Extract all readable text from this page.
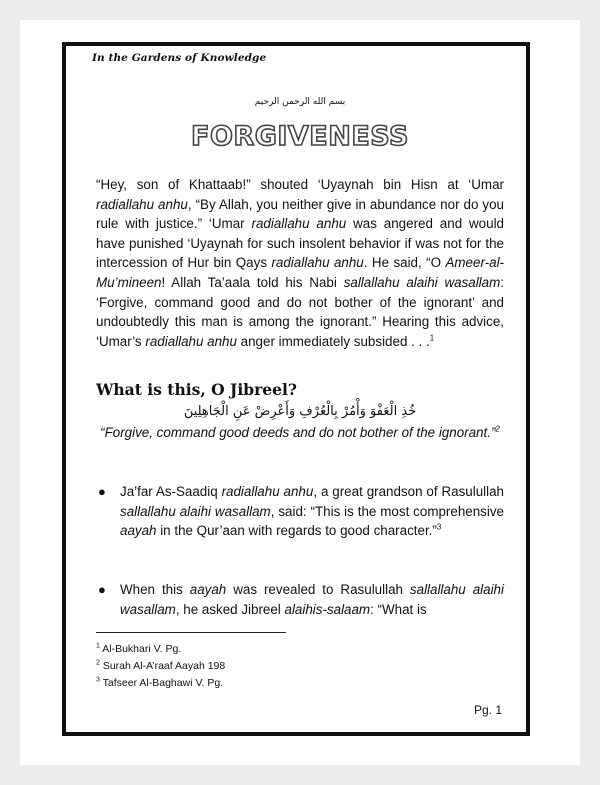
In the Gardens of Knowledge
بسم الله الرحمن الرحيم
FORGIVENESS

“Hey, son of Khattaab!” shouted ‘Uyaynah bin Hisn at ‘Umar radiallahu anhu, “By Allah, you neither give in abundance nor do you rule with justice.” ‘Umar radiallahu anhu was angered and would have punished ‘Uyaynah for such insolent behavior if was not for the intercession of Hur bin Qays radiallahu anhu. He said, “O Ameer-al-Mu’mineen! Allah Ta’aala told his Nabi sallallahu alaihi wasallam: ‘Forgive, command good and do not bother of the ignorant’ and undoubtedly this man is among the ignorant.” Hearing this advice, ‘Umar’s radiallahu anhu anger immediately subsided . . .$^1$

What is this, O Jibreel?
خُذِ الْعَفْوَ وَأْمُرْ بِالْعُرْفِ وَأَعْرِضْ عَنِ الْجَاهِلِينَ
“Forgive, command good deeds and do not bother of the ignorant.”$^2$
● Ja’far As-Saadiq radiallahu anhu, a great grandson of Rasulullah sallallahu alaihi wasallam, said: “This is the most comprehensive aayah in the Qur’aan with regards to good character.”$^3$
● When this aayah was revealed to Rasulullah sallallahu alaihi wasallam, he asked Jibreel alaihis-salaam: “What is
$^1$ Al-Bukhari V. Pg.
$^2$ Surah Al-A’raaf Aayah 198
$^3$ Tafseer Al-Baghawi V. Pg.
Pg. 1
